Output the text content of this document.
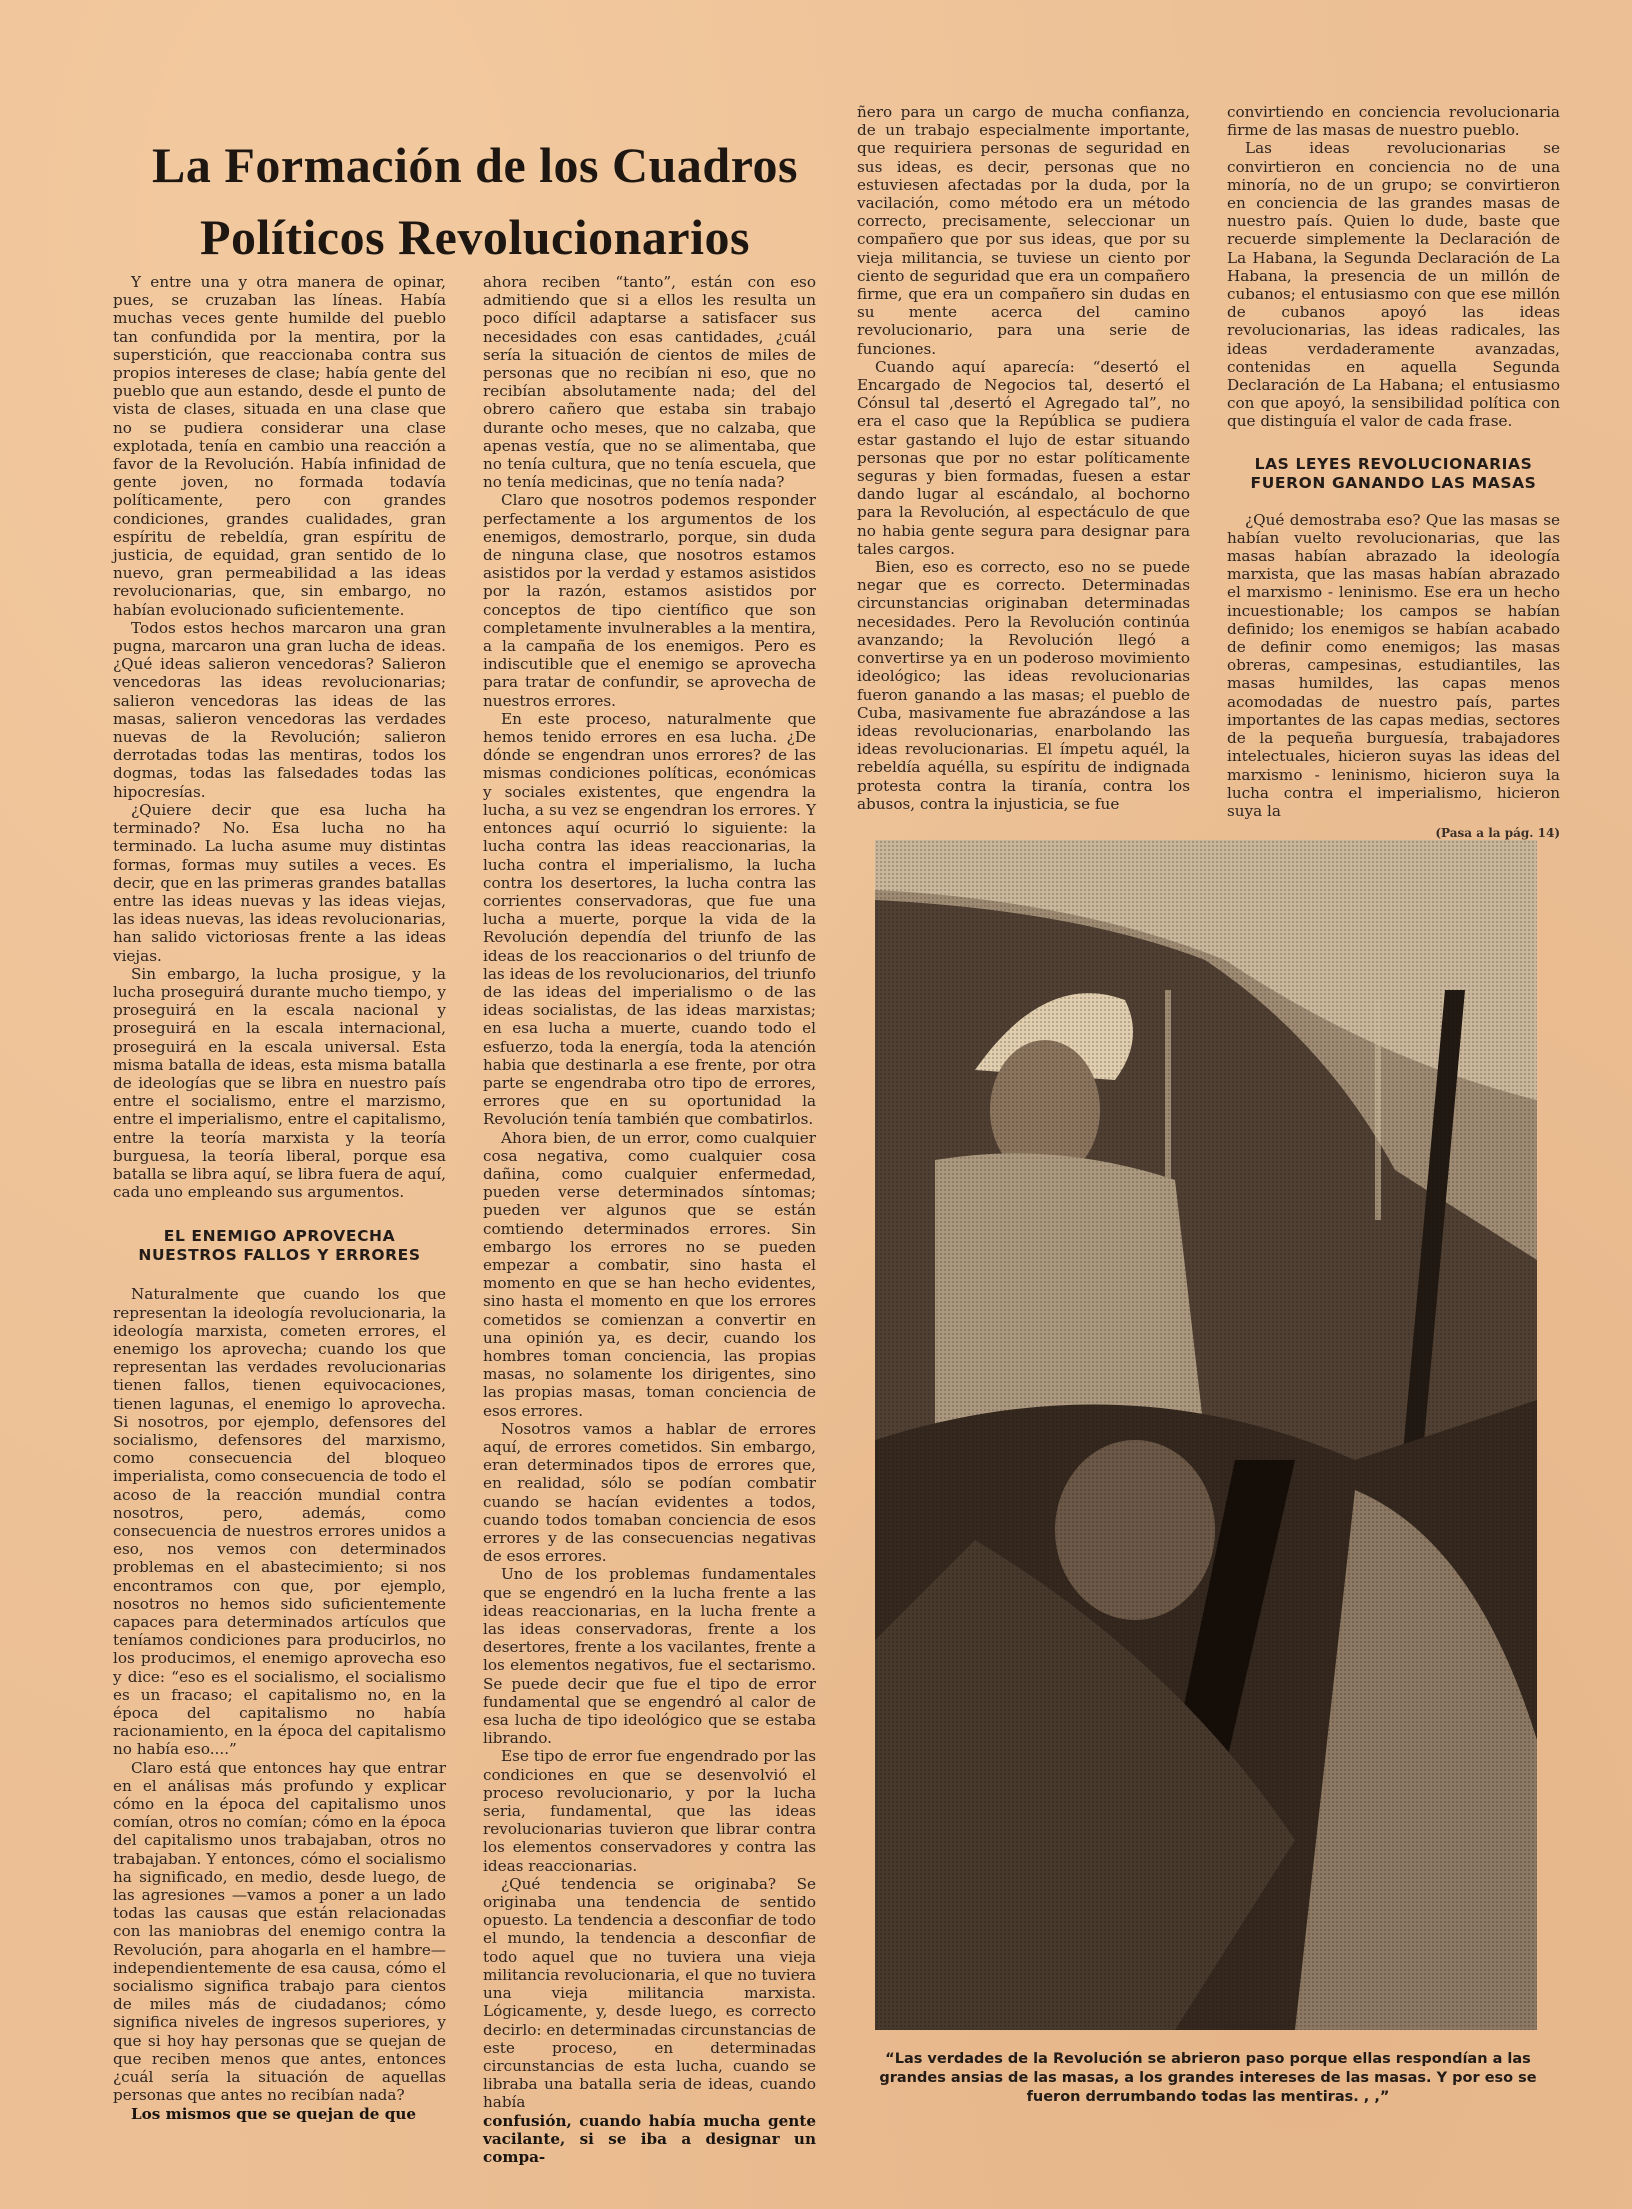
La Formación de los Cuadros
Políticos Revolucionarios

Y entre una y otra manera de opinar, pues, se cruzaban las líneas. Había muchas veces gente humilde del pueblo tan confundida por la mentira, por la superstición, que reaccionaba contra sus propios intereses de clase; había gente del pueblo que aun estando, desde el punto de vista de clases, situada en una clase que no se pudiera considerar una clase explotada, tenía en cambio una reacción a favor de la Revolución. Había infinidad de gente joven, no formada todavía políticamente, pero con grandes condiciones, grandes cualidades, gran espíritu de rebeldía, gran espíritu de justicia, de equidad, gran sentido de lo nuevo, gran permeabilidad a las ideas revolucionarias, que, sin embargo, no habían evolucionado suficientemente.

Todos estos hechos marcaron una gran pugna, marcaron una gran lucha de ideas. ¿Qué ideas salieron vencedoras? Salieron vencedoras las ideas revolucionarias; salieron vencedoras las ideas de las masas, salieron vencedoras las verdades nuevas de la Revolución; salieron derrotadas todas las mentiras, todos los dogmas, todas las falsedades todas las hipocresías.

¿Quiere decir que esa lucha ha terminado? No. Esa lucha no ha terminado. La lucha asume muy distintas formas, formas muy sutiles a veces. Es decir, que en las primeras grandes batallas entre las ideas nuevas y las ideas viejas, las ideas nuevas, las ideas revolucionarias, han salido victoriosas frente a las ideas viejas.

Sin embargo, la lucha prosigue, y la lucha proseguirá durante mucho tiempo, y proseguirá en la escala nacional y proseguirá en la escala internacional, proseguirá en la escala universal. Esta misma batalla de ideas, esta misma batalla de ideologías que se libra en nuestro país entre el socialismo, entre el marzismo, entre el imperialismo, entre el capitalismo, entre la teoría marxista y la teoría burguesa, la teoría liberal, porque esa batalla se libra aquí, se libra fuera de aquí, cada uno empleando sus argumentos.

EL ENEMIGO APROVECHA
NUESTROS FALLOS Y ERRORES

Naturalmente que cuando los que representan la ideología revolucionaria, la ideología marxista, cometen errores, el enemigo los aprovecha; cuando los que representan las verdades revolucionarias tienen fallos, tienen equivocaciones, tienen lagunas, el enemigo lo aprovecha. Si nosotros, por ejemplo, defensores del socialismo, defensores del marxismo, como consecuencia del bloqueo imperialista, como consecuencia de todo el acoso de la reacción mundial contra nosotros, pero, además, como consecuencia de nuestros errores unidos a eso, nos vemos con determinados problemas en el abastecimiento; si nos encontramos con que, por ejemplo, nosotros no hemos sido suficientemente capaces para determinados artículos que teníamos condiciones para producirlos, no los producimos, el enemigo aprovecha eso y dice: “eso es el socialismo, el socialismo es un fracaso; el capitalismo no, en la época del capitalismo no había racionamiento, en la época del capitalismo no había eso....”

Claro está que entonces hay que entrar en el análisas más profundo y explicar cómo en la época del capitalismo unos comían, otros no comían; cómo en la época del capitalismo unos trabajaban, otros no trabajaban. Y entonces, cómo el socialismo ha significado, en medio, desde luego, de las agresiones —vamos a poner a un lado todas las causas que están relacionadas con las maniobras del enemigo contra la Revolución, para ahogarla en el hambre— independientemente de esa causa, cómo el socialismo significa trabajo para cientos de miles más de ciudadanos; cómo significa niveles de ingresos superiores, y que si hoy hay personas que se quejan de que reciben menos que antes, entonces ¿cuál sería la situación de aquellas personas que antes no recibían nada?

Los mismos que se quejan de que

ahora reciben “tanto”, están con eso admitiendo que si a ellos les resulta un poco difícil adaptarse a satisfacer sus necesidades con esas cantidades, ¿cuál sería la situación de cientos de miles de personas que no recibían ni eso, que no recibían absolutamente nada; del del obrero cañero que estaba sin trabajo durante ocho meses, que no calzaba, que apenas vestía, que no se alimentaba, que no tenía cultura, que no tenía escuela, que no tenía medicinas, que no tenía nada?

Claro que nosotros podemos responder perfectamente a los argumentos de los enemigos, demostrarlo, porque, sin duda de ninguna clase, que nosotros estamos asistidos por la verdad y estamos asistidos por la razón, estamos asistidos por conceptos de tipo científico que son completamente invulnerables a la mentira, a la campaña de los enemigos. Pero es indiscutible que el enemigo se aprovecha para tratar de confundir, se aprovecha de nuestros errores.

En este proceso, naturalmente que hemos tenido errores en esa lucha. ¿De dónde se engendran unos errores? de las mismas condiciones políticas, económicas y sociales existentes, que engendra la lucha, a su vez se engendran los errores. Y entonces aquí ocurrió lo siguiente: la lucha contra las ideas reaccionarias, la lucha contra el imperialismo, la lucha contra los desertores, la lucha contra las corrientes conservadoras, que fue una lucha a muerte, porque la vida de la Revolución dependía del triunfo de las ideas de los reaccionarios o del triunfo de las ideas de los revolucionarios, del triunfo de las ideas del imperialismo o de las ideas socialistas, de las ideas marxistas; en esa lucha a muerte, cuando todo el esfuerzo, toda la energía, toda la atención habia que destinarla a ese frente, por otra parte se engendraba otro tipo de errores, errores que en su oportunidad la Revolución tenía también que combatirlos.

Ahora bien, de un error, como cualquier cosa negativa, como cualquier cosa dañina, como cualquier enfermedad, pueden verse determinados síntomas; pueden ver algunos que se están comtiendo determinados errores. Sin embargo los errores no se pueden empezar a combatir, sino hasta el momento en que se han hecho evidentes, sino hasta el momento en que los errores cometidos se comienzan a convertir en una opinión ya, es decir, cuando los hombres toman conciencia, las propias masas, no solamente los dirigentes, sino las propias masas, toman conciencia de esos errores.

Nosotros vamos a hablar de errores aquí, de errores cometidos. Sin embargo, eran determinados tipos de errores que, en realidad, sólo se podían combatir cuando se hacían evidentes a todos, cuando todos tomaban conciencia de esos errores y de las consecuencias negativas de esos errores.

Uno de los problemas fundamentales que se engendró en la lucha frente a las ideas reaccionarias, en la lucha frente a las ideas conservadoras, frente a los desertores, frente a los vacilantes, frente a los elementos negativos, fue el sectarismo. Se puede decir que fue el tipo de error fundamental que se engendró al calor de esa lucha de tipo ideológico que se estaba librando.

Ese tipo de error fue engendrado por las condiciones en que se desenvolvió el proceso revolucionario, y por la lucha seria, fundamental, que las ideas revolucionarias tuvieron que librar contra los elementos conservadores y contra las ideas reaccionarias.

¿Qué tendencia se originaba? Se originaba una tendencia de sentido opuesto. La tendencia a desconfiar de todo el mundo, la tendencia a desconfiar de todo aquel que no tuviera una vieja militancia revolucionaria, el que no tuviera una vieja militancia marxista. Lógicamente, y, desde luego, es correcto decirlo: en determinadas circunstancias de este proceso, en determinadas circunstancias de esta lucha, cuando se libraba una batalla seria de ideas, cuando había

confusión, cuando había mucha gente vacilante, si se iba a designar un compa-

ñero para un cargo de mucha confianza, de un trabajo especialmente importante, que requiriera personas de seguridad en sus ideas, es decir, personas que no estuviesen afectadas por la duda, por la vacilación, como método era un método correcto, precisamente, seleccionar un compañero que por sus ideas, que por su vieja militancia, se tuviese un ciento por ciento de seguridad que era un compañero firme, que era un compañero sin dudas en su mente acerca del camino revolucionario, para una serie de funciones.

Cuando aquí aparecía: “desertó el Encargado de Negocios tal, desertó el Cónsul tal ,desertó el Agregado tal”, no era el caso que la República se pudiera estar gastando el lujo de estar situando personas que por no estar políticamente seguras y bien formadas, fuesen a estar dando lugar al escándalo, al bochorno para la Revolución, al espectáculo de que no habia gente segura para designar para tales cargos.

Bien, eso es correcto, eso no se puede negar que es correcto. Determinadas circunstancias originaban determinadas necesidades. Pero la Revolución continúa avanzando; la Revolución llegó a convertirse ya en un poderoso movimiento ideológico; las ideas revolucionarias fueron ganando a las masas; el pueblo de Cuba, masivamente fue abrazándose a las ideas revolucionarias, enarbolando las ideas revolucionarias. El ímpetu aquél, la rebeldía aquélla, su espíritu de indignada protesta contra la tiranía, contra los abusos, contra la injusticia, se fue

convirtiendo en conciencia revolucionaria firme de las masas de nuestro pueblo.

Las ideas revolucionarias se convirtieron en conciencia no de una minoría, no de un grupo; se convirtieron en conciencia de las grandes masas de nuestro país. Quien lo dude, baste que recuerde simplemente la Declaración de La Habana, la Segunda Declaración de La Habana, la presencia de un millón de cubanos; el entusiasmo con que ese millón de cubanos apoyó las ideas revolucionarias, las ideas radicales, las ideas verdaderamente avanzadas, contenidas en aquella Segunda Declaración de La Habana; el entusiasmo con que apoyó, la sensibilidad política con que distinguía el valor de cada frase.

LAS LEYES REVOLUCIONARIAS
FUERON GANANDO LAS MASAS

¿Qué demostraba eso? Que las masas se habían vuelto revolucionarias, que las masas habían abrazado la ideología marxista, que las masas habían abrazado el marxismo - leninismo. Ese era un hecho incuestionable; los campos se habían definido; los enemigos se habían acabado de definir como enemigos; las masas obreras, campesinas, estudiantiles, las masas humildes, las capas menos acomodadas de nuestro país, partes importantes de las capas medias, sectores de la pequeña burguesía, trabajadores intelectuales, hicieron suyas las ideas del marxismo - leninismo, hicieron suya la lucha contra el imperialismo, hicieron suya la

(Pasa a la pág. 14)
“Las verdades de la Revolución se abrieron paso porque ellas respondían a las grandes ansias de las masas, a los grandes intereses de las masas. Y por eso se fueron derrumbando todas las mentiras. , ,”
